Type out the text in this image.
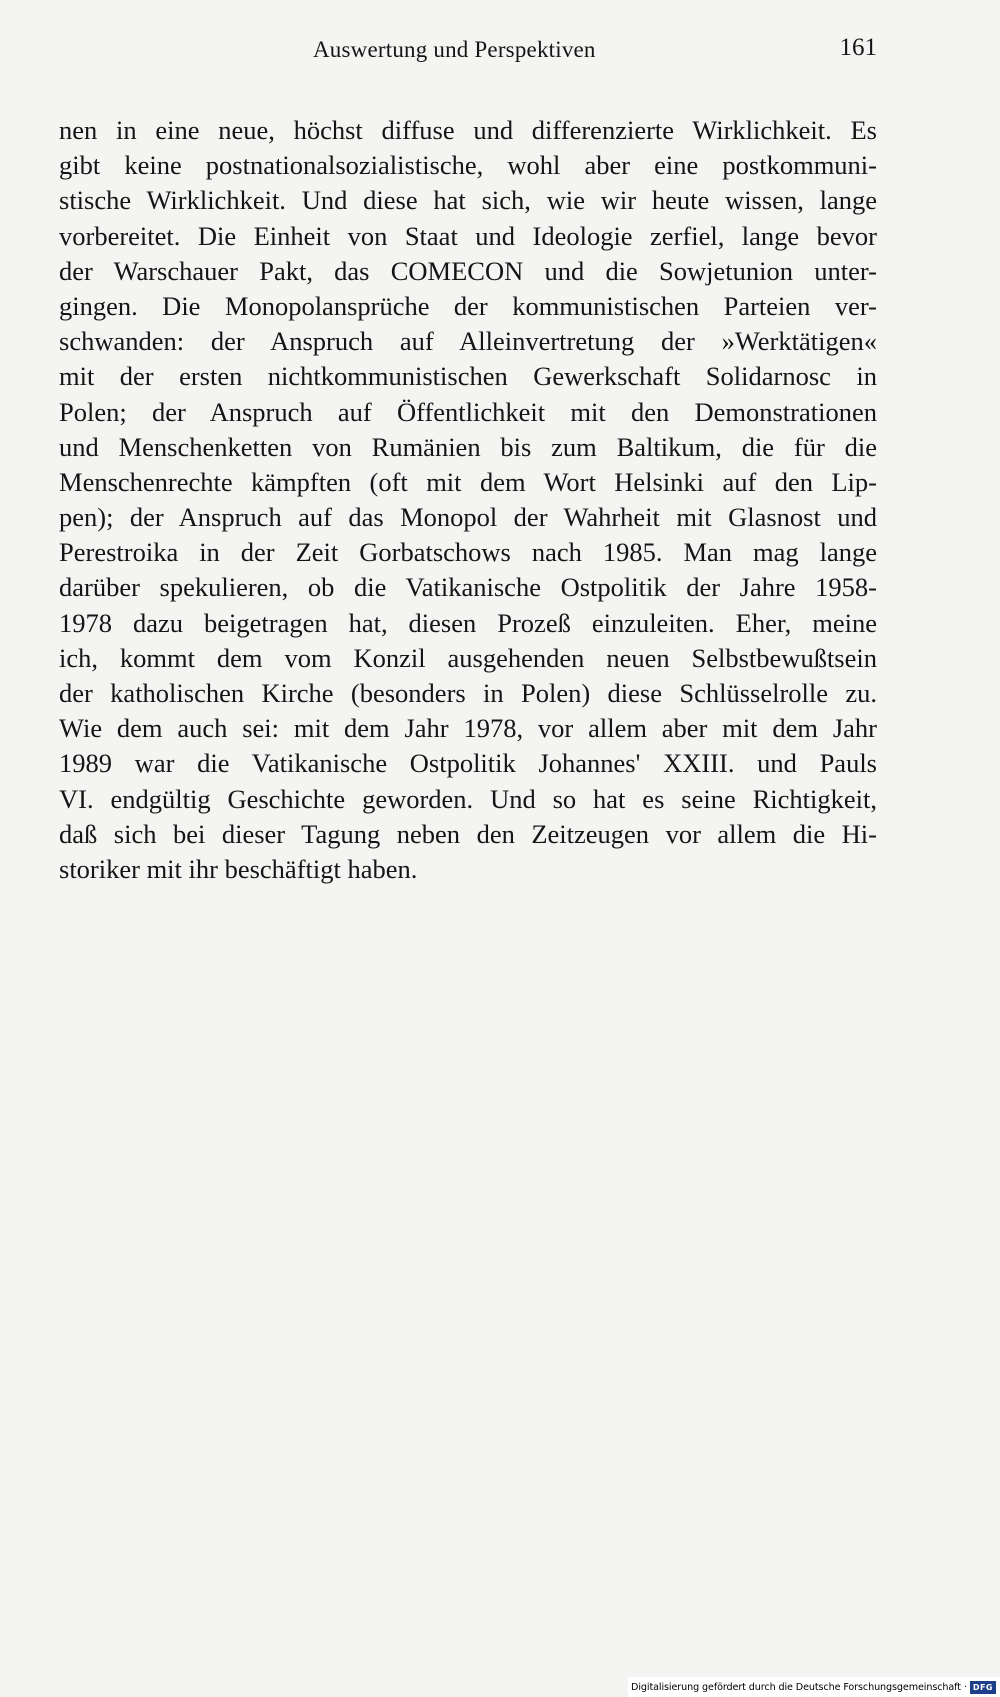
Auswertung und Perspektiven	161
nen in eine neue, höchst diffuse und differenzierte Wirklichkeit. Es
gibt keine postnationalsozialistische, wohl aber eine postkommuni-
stische Wirklichkeit. Und diese hat sich, wie wir heute wissen, lange
vorbereitet. Die Einheit von Staat und Ideologie zerfiel, lange bevor
der Warschauer Pakt, das COMECON und die Sowjetunion unter-
gingen. Die Monopolansprüche der kommunistischen Parteien ver-
schwanden: der Anspruch auf Alleinvertretung der »Werktätigen«
mit der ersten nichtkommunistischen Gewerkschaft Solidarnosc in
Polen; der Anspruch auf Öffentlichkeit mit den Demonstrationen
und Menschenketten von Rumänien bis zum Baltikum, die für die
Menschenrechte kämpften (oft mit dem Wort Helsinki auf den Lip-
pen); der Anspruch auf das Monopol der Wahrheit mit Glasnost und
Perestroika in der Zeit Gorbatschows nach 1985. Man mag lange
darüber spekulieren, ob die Vatikanische Ostpolitik der Jahre 1958-
1978 dazu beigetragen hat, diesen Prozeß einzuleiten. Eher, meine
ich, kommt dem vom Konzil ausgehenden neuen Selbstbewußtsein
der katholischen Kirche (besonders in Polen) diese Schlüsselrolle zu.
Wie dem auch sei: mit dem Jahr 1978, vor allem aber mit dem Jahr
1989 war die Vatikanische Ostpolitik Johannes' XXIII. und Pauls
VI. endgültig Geschichte geworden. Und so hat es seine Richtigkeit,
daß sich bei dieser Tagung neben den Zeitzeugen vor allem die Hi-
storiker mit ihr beschäftigt haben.
Digitalisierung gefördert durch die Deutsche Forschungsgemeinschaft · DFG
